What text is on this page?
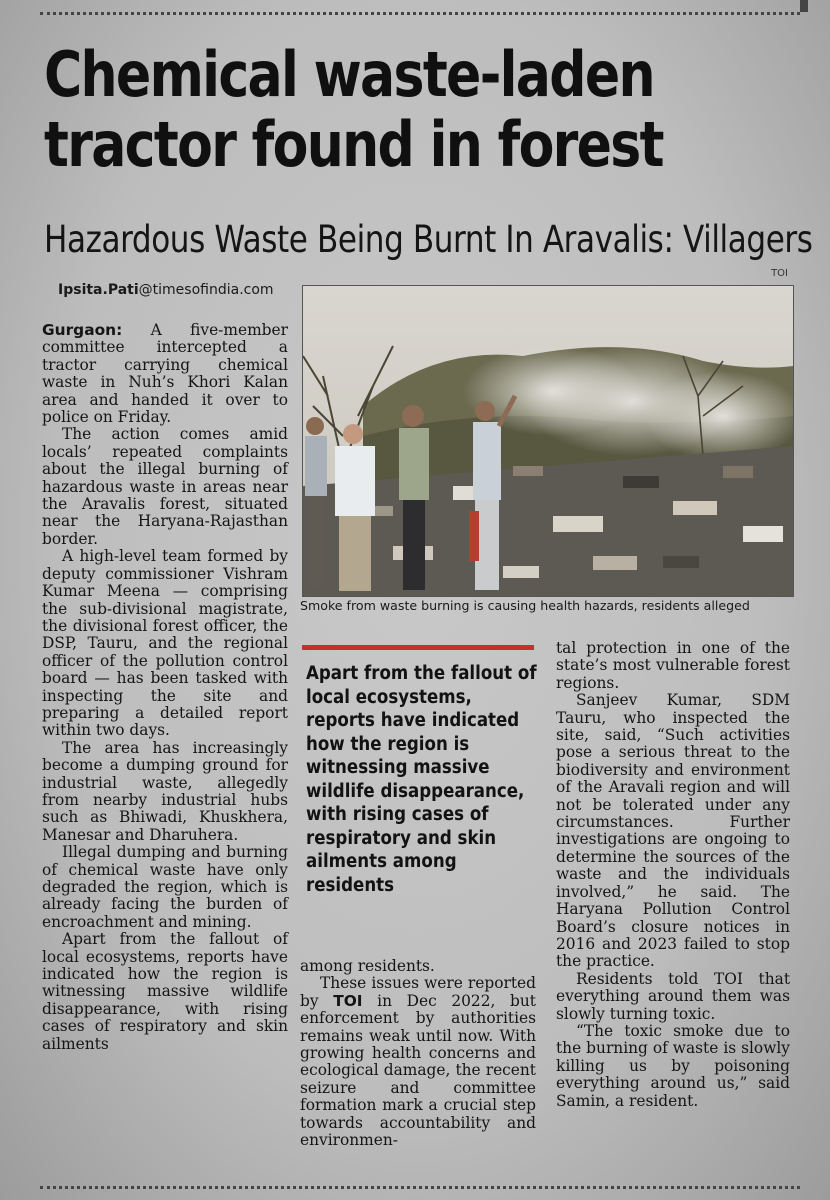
Chemical waste-laden
tractor found in forest
Hazardous Waste Being Burnt In Aravalis: Villagers

Ipsita.Pati@timesofindia.com

TOI

Gurgaon: A five-member committee intercepted a tractor carrying chemical waste in Nuh’s Khori Kalan area and handed it over to police on Friday.

The action comes amid locals’ repeated complaints about the illegal burning of hazardous waste in areas near the Aravalis forest, situated near the Haryana-Rajasthan border.

A high-level team formed by deputy commissioner Vishram Kumar Meena — comprising the sub-divisional magistrate, the divisional forest officer, the DSP, Tauru, and the regional officer of the pollution control board — has been tasked with inspecting the site and preparing a detailed report within two days.

The area has increasingly become a dumping ground for industrial waste, allegedly from nearby industrial hubs such as Bhiwadi, Khuskhera, Manesar and Dharuhera.

Illegal dumping and burning of chemical waste have only degraded the region, which is already facing the burden of encroachment and mining.

Apart from the fallout of local ecosystems, reports have indicated how the region is witnessing massive wildlife disappearance, with rising cases of respiratory and skin ailments

Smoke from waste burning is causing health hazards, residents alleged

Apart from the fallout of local ecosystems, reports have indicated how the region is witnessing massive wildlife disappearance, with rising cases of respiratory and skin ailments among residents

among residents.

These issues were reported by TOI in Dec 2022, but enforcement by authorities remains weak until now. With growing health concerns and ecological damage, the recent seizure and committee formation mark a crucial step towards accountability and environmen-

tal protection in one of the state’s most vulnerable forest regions.

Sanjeev Kumar, SDM Tauru, who inspected the site, said, “Such activities pose a serious threat to the biodiversity and environment of the Aravali region and will not be tolerated under any circumstances. Further investigations are ongoing to determine the sources of the waste and the individuals involved,” he said. The Haryana Pollution Control Board’s closure notices in 2016 and 2023 failed to stop the practice.

Residents told TOI that everything around them was slowly turning toxic.

“The toxic smoke due to the burning of waste is slowly killing us by poisoning everything around us,” said Samin, a resident.
